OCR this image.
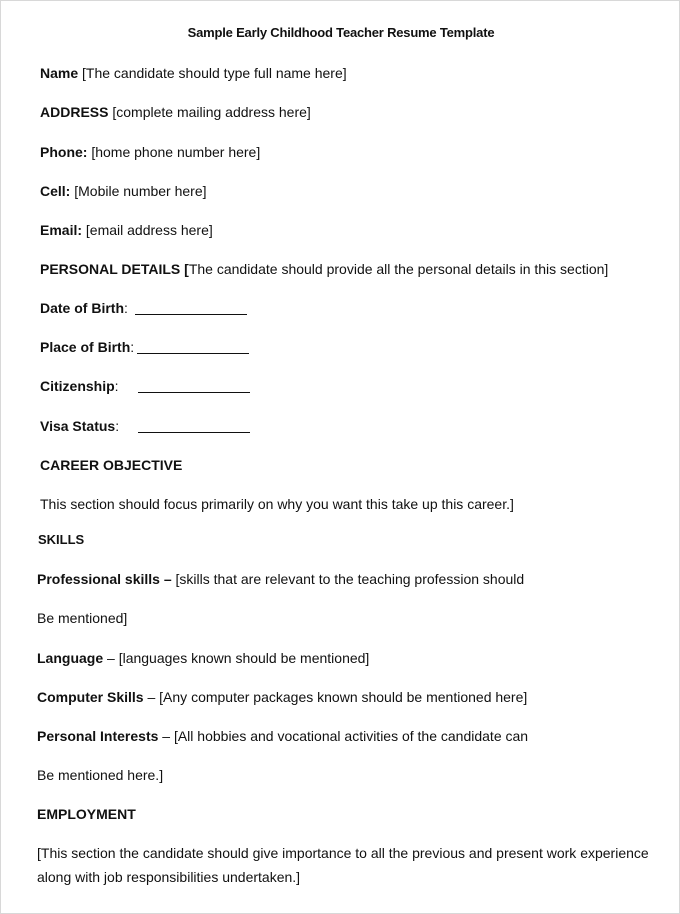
Sample Early Childhood Teacher Resume Template
Name [The candidate should type full name here]
ADDRESS [complete mailing address here]
Phone: [home phone number here]
Cell: [Mobile number here]
Email: [email address here]
PERSONAL DETAILS [The candidate should provide all the personal details in this section]
Date of Birth:
Place of Birth:
Citizenship:
Visa Status:
CAREER OBJECTIVE
This section should focus primarily on why you want this take up this career.]
SKILLS
Professional skills – [skills that are relevant to the teaching profession should
Be mentioned]
Language – [languages known should be mentioned]
Computer Skills – [Any computer packages known should be mentioned here]
Personal Interests – [All hobbies and vocational activities of the candidate can
Be mentioned here.]
EMPLOYMENT
[This section the candidate should give importance to all the previous and present work experience
along with job responsibilities undertaken.]
